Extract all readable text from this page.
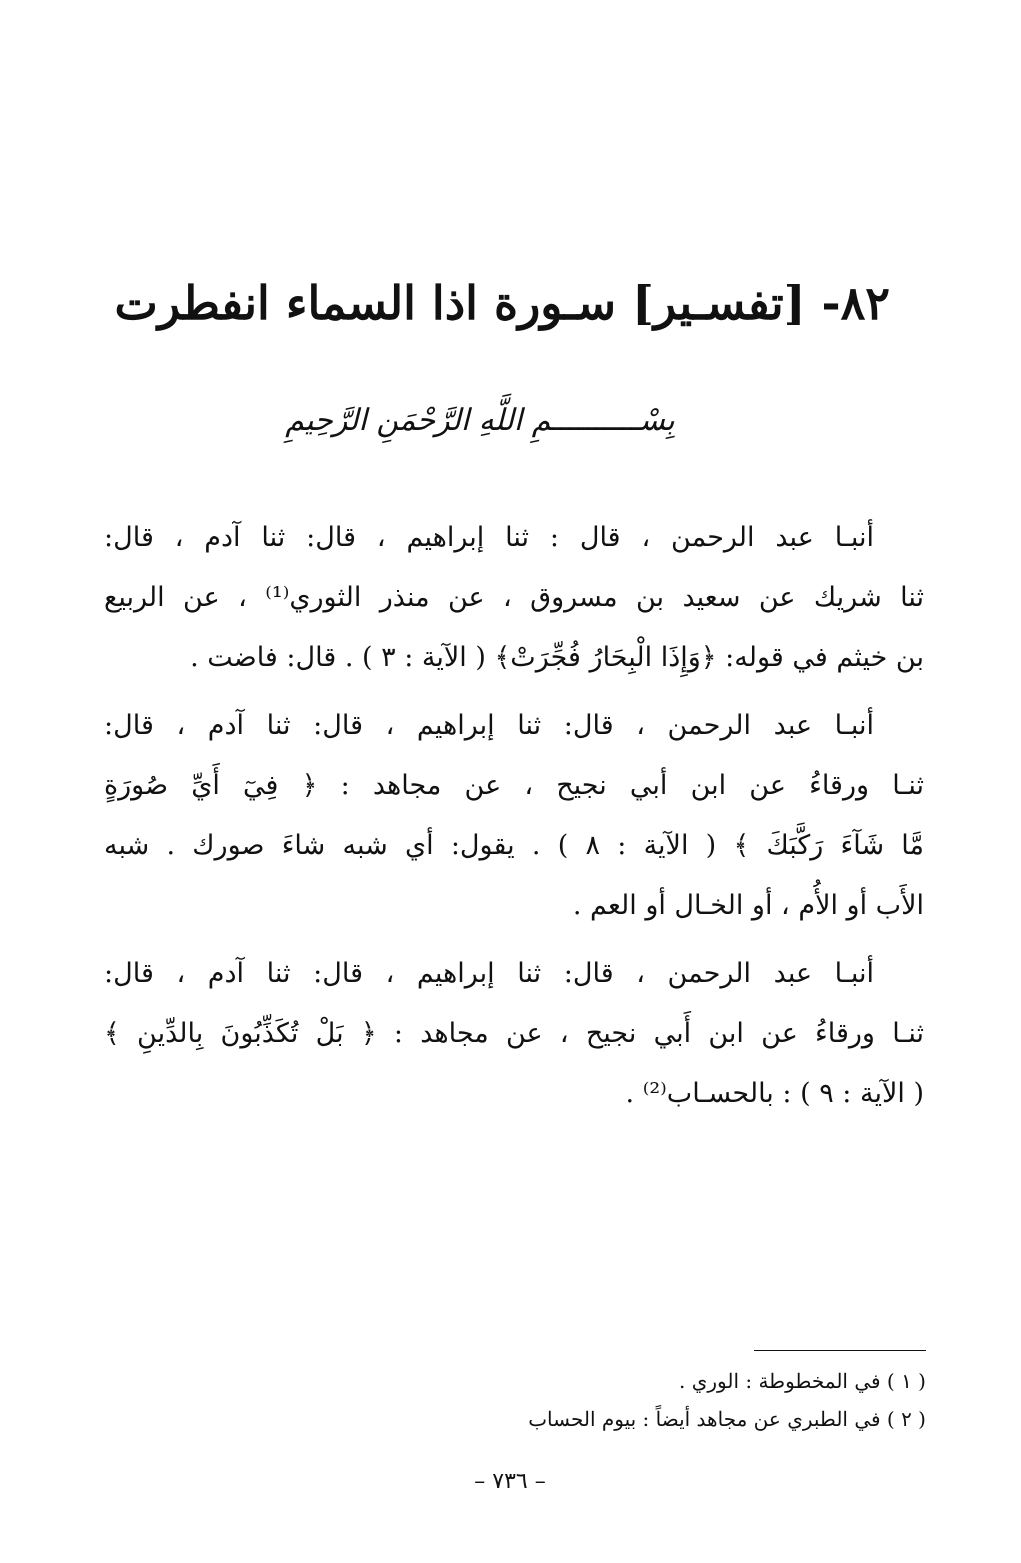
٨٢- [تفسـير] سـورة اذا السماء انفطرت
بِسْــــــــــمِ اللَّهِ الرَّحْمَنِ الرَّحِيمِ

أنبـا عبد الرحمن ، قال : ثنا إبراهيم ، قال: ثنا آدم ، قال:
ثنا شريك عن سعيد بن مسروق ، عن منذر الثوري⁽¹⁾ ، عن الربيع
بن خيثم في قوله: ﴿وَإِذَا الْبِحَارُ فُجِّرَتْ﴾ ( الآية : ٣ ) . قال: فاضت .

أنبـا عبد الرحمن ، قال: ثنا إبراهيم ، قال: ثنا آدم ، قال:
ثنـا ورقاءُ عن ابن أبي نجيح ، عن مجاهد : ﴿ فِيٓ أَيِّ صُورَةٍ
مَّا شَآءَ رَكَّبَكَ ﴾ ( الآية : ٨ ) . يقول: أي شبه شاءَ صورك . شبه
الأَب أو الأُم ، أو الخـال أو العم .

أنبـا عبد الرحمن ، قال: ثنا إبراهيم ، قال: ثنا آدم ، قال:
ثنـا ورقاءُ عن ابن أَبي نجيح ، عن مجاهد : ﴿ بَلْ تُكَذِّبُونَ بِالدِّينِ ﴾
( الآية : ٩ ) : بالحسـاب⁽²⁾ .

( ١ ) في المخطوطة : الوري .
( ٢ ) في الطبري عن مجاهد أيضاً : بيوم الحساب
– ٧٣٦ –
